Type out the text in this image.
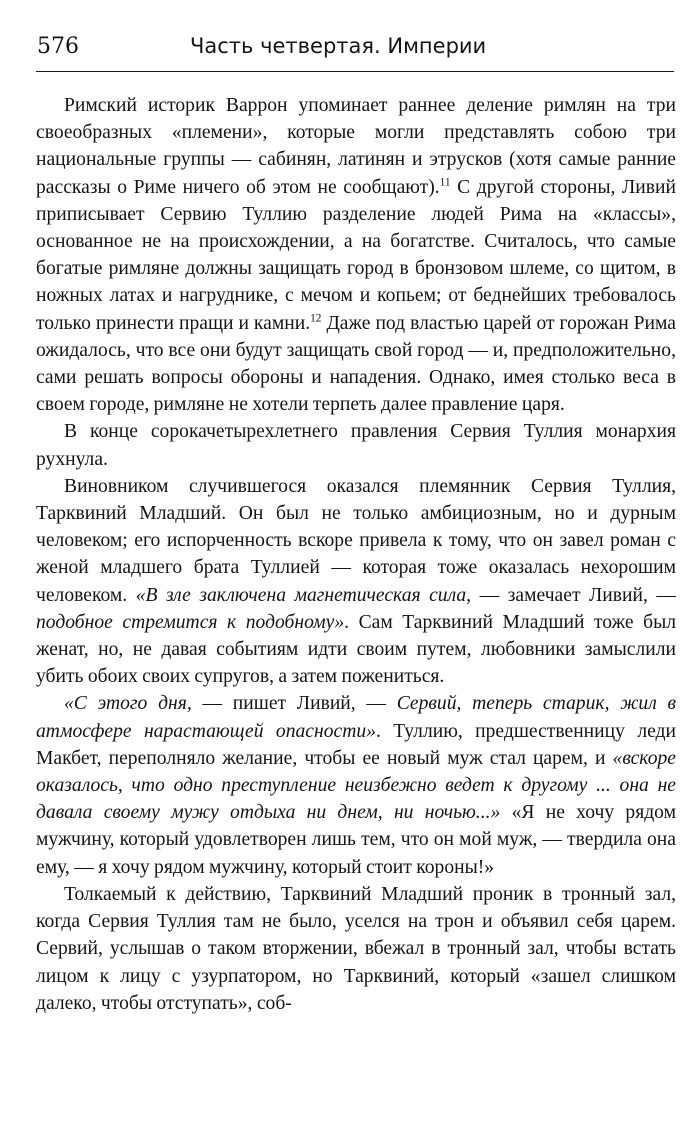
576	Часть четвертая. Империи

Римский историк Варрон упоминает раннее деление римлян на три своеобразных «племени», которые могли представлять собою три национальные группы — сабинян, латинян и этрусков (хотя самые ранние рассказы о Риме ничего об этом не сообщают).$^{11}$ С другой стороны, Ливий приписывает Сервию Туллию разделение людей Рима на «классы», основанное не на происхождении, а на богатстве. Считалось, что самые богатые римляне должны защищать город в бронзовом шлеме, со щитом, в ножных латах и нагруднике, с мечом и копьем; от беднейших требовалось только принести пращи и камни.$^{12}$ Даже под властью царей от горожан Рима ожидалось, что все они будут защищать свой город — и, предположительно, сами решать вопросы обороны и нападения. Однако, имея столько веса в своем городе, римляне не хотели терпеть далее правление царя.

В конце сорокачетырехлетнего правления Сервия Туллия монархия рухнула.

Виновником случившегося оказался племянник Сервия Туллия, Тарквиний Младший. Он был не только амбициозным, но и дурным человеком; его испорченность вскоре привела к тому, что он завел роман с женой младшего брата Туллией — которая тоже оказалась нехорошим человеком. «В зле заключена магнетическая сила, — замечает Ливий, — подобное стремится к подобному». Сам Тарквиний Младший тоже был женат, но, не давая событиям идти своим путем, любовники замыслили убить обоих своих супругов, а затем пожениться.

«С этого дня, — пишет Ливий, — Сервий, теперь старик, жил в атмосфере нарастающей опасности». Туллию, предшественницу леди Макбет, переполняло желание, чтобы ее новый муж стал царем, и «вскоре оказалось, что одно преступление неизбежно ведет к другому ... она не давала своему мужу отдыха ни днем, ни ночью...» «Я не хочу рядом мужчину, который удовлетворен лишь тем, что он мой муж, — твердила она ему, — я хочу рядом мужчину, который стоит короны!»

Толкаемый к действию, Тарквиний Младший проник в тронный зал, когда Сервия Туллия там не было, уселся на трон и объявил себя царем. Сервий, услышав о таком вторжении, вбежал в тронный зал, чтобы встать лицом к лицу с узурпатором, но Тарквиний, который «зашел слишком далеко, чтобы отступать», соб-
